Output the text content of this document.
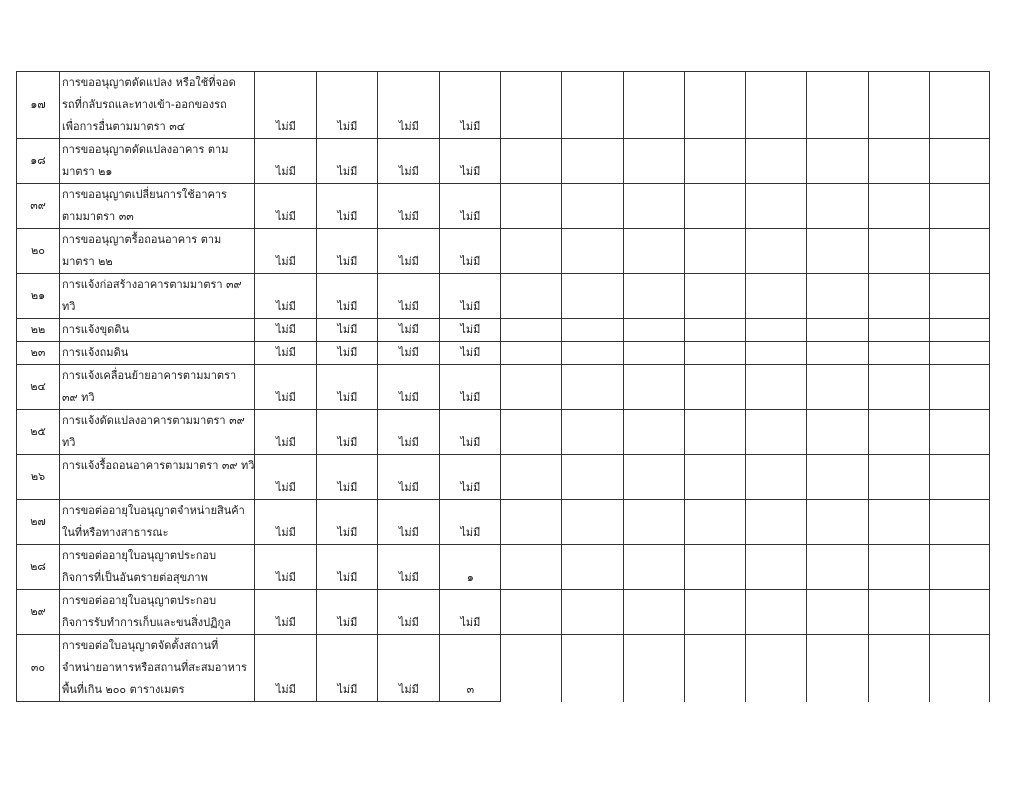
๑๗	การขออนุญาตดัดแปลง หรือใช้ที่จอด
รถที่กลับรถและทางเข้า-ออกของรถ
เพื่อการอื่นตามมาตรา ๓๔	ไม่มี	ไม่มี	ไม่มี	ไม่มี								
๑๘	การขออนุญาตดัดแปลงอาคาร ตาม
มาตรา ๒๑	ไม่มี	ไม่มี	ไม่มี	ไม่มี								
๓๙	การขออนุญาตเปลี่ยนการใช้อาคาร
ตามมาตรา ๓๓	ไม่มี	ไม่มี	ไม่มี	ไม่มี								
๒๐	การขออนุญาตรื้อถอนอาคาร ตาม
มาตรา ๒๒	ไม่มี	ไม่มี	ไม่มี	ไม่มี								
๒๑	การแจ้งก่อสร้างอาคารตามมาตรา ๓๙
ทวิ	ไม่มี	ไม่มี	ไม่มี	ไม่มี								
๒๒	การแจ้งขุดดิน	ไม่มี	ไม่มี	ไม่มี	ไม่มี								
๒๓	การแจ้งถมดิน	ไม่มี	ไม่มี	ไม่มี	ไม่มี								
๒๔	การแจ้งเคลื่อนย้ายอาคารตามมาตรา
๓๙ ทวิ	ไม่มี	ไม่มี	ไม่มี	ไม่มี								
๒๕	การแจ้งดัดแปลงอาคารตามมาตรา ๓๙
ทวิ	ไม่มี	ไม่มี	ไม่มี	ไม่มี								
๒๖	การแจ้งรื้อถอนอาคารตามมาตรา ๓๙ ทวิ	ไม่มี	ไม่มี	ไม่มี	ไม่มี								
๒๗	การขอต่ออายุใบอนุญาตจำหน่ายสินค้า
ในที่หรือทางสาธารณะ	ไม่มี	ไม่มี	ไม่มี	ไม่มี								
๒๘	การขอต่ออายุใบอนุญาตประกอบ
กิจการที่เป็นอันตรายต่อสุขภาพ	ไม่มี	ไม่มี	ไม่มี	๑								
๒๙	การขอต่ออายุใบอนุญาตประกอบ
กิจการรับทำการเก็บและขนสิ่งปฏิกูล	ไม่มี	ไม่มี	ไม่มี	ไม่มี								
๓๐	การขอต่อใบอนุญาตจัดตั้งสถานที่
จำหน่ายอาหารหรือสถานที่สะสมอาหาร
พื้นที่เกิน ๒๐๐ ตารางเมตร	ไม่มี	ไม่มี	ไม่มี	๓								
